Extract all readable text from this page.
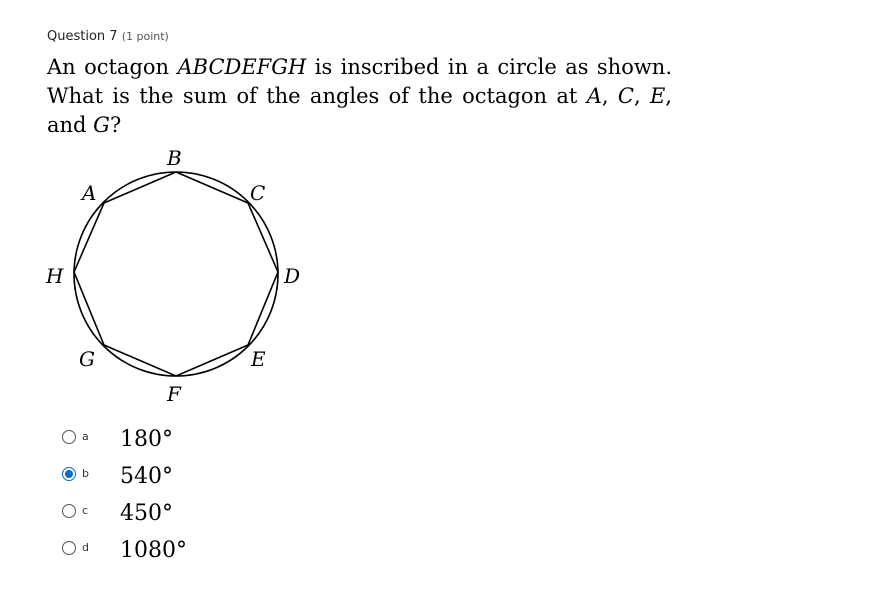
Question 7 (1 point)
An octagon ABCDEFGH is inscribed in a circle as shown. What is the sum of the angles of the octagon at A, C, E, and G?
B
A	C
H	D
G	E
F
a 180°
b 540°
c 450°
d 1080°
